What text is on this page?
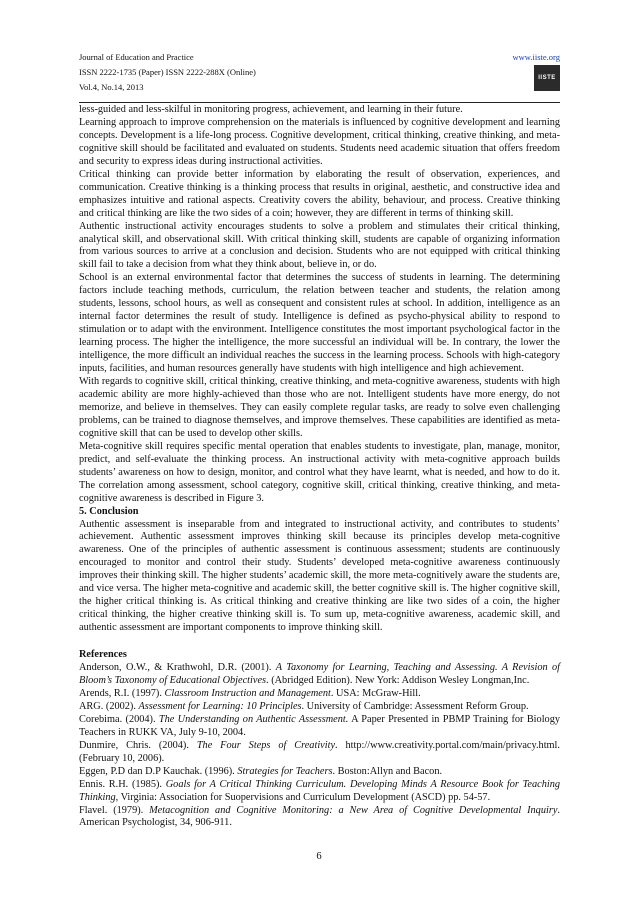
Journal of Education and Practice
ISSN 2222-1735 (Paper) ISSN 2222-288X (Online)
Vol.4, No.14, 2013
www.iiste.org
IISTE

less-guided and less-skilful in monitoring progress, achievement, and learning in their future.

Learning approach to improve comprehension on the materials is influenced by cognitive development and learning concepts. Development is a life-long process. Cognitive development, critical thinking, creative thinking, and meta-cognitive skill should be facilitated and evaluated on students. Students need academic situation that offers freedom and security to express ideas during instructional activities.

Critical thinking can provide better information by elaborating the result of observation, experiences, and communication. Creative thinking is a thinking process that results in original, aesthetic, and constructive idea and emphasizes intuitive and rational aspects. Creativity covers the ability, behaviour, and process. Creative thinking and critical thinking are like the two sides of a coin; however, they are different in terms of thinking skill.

Authentic instructional activity encourages students to solve a problem and stimulates their critical thinking, analytical skill, and observational skill. With critical thinking skill, students are capable of organizing information from various sources to arrive at a conclusion and decision. Students who are not equipped with critical thinking skill fail to take a decision from what they think about, believe in, or do.

School is an external environmental factor that determines the success of students in learning. The determining factors include teaching methods, curriculum, the relation between teacher and students, the relation among students, lessons, school hours, as well as consequent and consistent rules at school. In addition, intelligence as an internal factor determines the result of study. Intelligence is defined as psycho-physical ability to respond to stimulation or to adapt with the environment. Intelligence constitutes the most important psychological factor in the learning process. The higher the intelligence, the more successful an individual will be. In contrary, the lower the intelligence, the more difficult an individual reaches the success in the learning process. Schools with high-category inputs, facilities, and human resources generally have students with high intelligence and high achievement.

With regards to cognitive skill, critical thinking, creative thinking, and meta-cognitive awareness, students with high academic ability are more highly-achieved than those who are not. Intelligent students have more energy, do not memorize, and believe in themselves. They can easily complete regular tasks, are ready to solve even challenging problems, can be trained to diagnose themselves, and improve themselves. These capabilities are identified as meta-cognitive skill that can be used to develop other skills.

Meta-cognitive skill requires specific mental operation that enables students to investigate, plan, manage, monitor, predict, and self-evaluate the thinking process. An instructional activity with meta-cognitive approach builds students’ awareness on how to design, monitor, and control what they have learnt, what is needed, and how to do it. The correlation among assessment, school category, cognitive skill, critical thinking, creative thinking, and meta-cognitive awareness is described in Figure 3.

5. Conclusion

Authentic assessment is inseparable from and integrated to instructional activity, and contributes to students’ achievement. Authentic assessment improves thinking skill because its principles develop meta-cognitive awareness. One of the principles of authentic assessment is continuous assessment; students are continuously encouraged to monitor and control their study. Students’ developed meta-cognitive awareness continuously improves their thinking skill. The higher students’ academic skill, the more meta-cognitively aware the students are, and vice versa. The higher meta-cognitive and academic skill, the better cognitive skill is. The higher cognitive skill, the higher critical thinking is. As critical thinking and creative thinking are like two sides of a coin, the higher critical thinking, the higher creative thinking skill is. To sum up, meta-cognitive awareness, academic skill, and authentic assessment are important components to improve thinking skill.

References

Anderson, O.W., & Krathwohl, D.R. (2001). A Taxonomy for Learning, Teaching and Assessing. A Revision of Bloom’s Taxonomy of Educational Objectives. (Abridged Edition). New York: Addison Wesley Longman,Inc.

Arends, R.I. (1997). Classroom Instruction and Management. USA: McGraw-Hill.

ARG. (2002). Assessment for Learning: 10 Principles. University of Cambridge: Assessment Reform Group.

Corebima. (2004). The Understanding on Authentic Assessment. A Paper Presented in PBMP Training for Biology Teachers in RUKK VA, July 9-10, 2004.

Dunmire, Chris. (2004). The Four Steps of Creativity. http://www.creativity.portal.com/main/privacy.html. (February 10, 2006).

Eggen, P.D dan D.P Kauchak. (1996). Strategies for Teachers. Boston:Allyn and Bacon.

Ennis. R.H. (1985). Goals for A Critical Thinking Curriculum. Developing Minds A Resource Book for Teaching Thinking, Virginia: Association for Suopervisions and Curriculum Development (ASCD) pp. 54-57.

Flavel. (1979). Metacognition and Cognitive Monitoring: a New Area of Cognitive Developmental Inquiry. American Psychologist, 34, 906-911.

6
